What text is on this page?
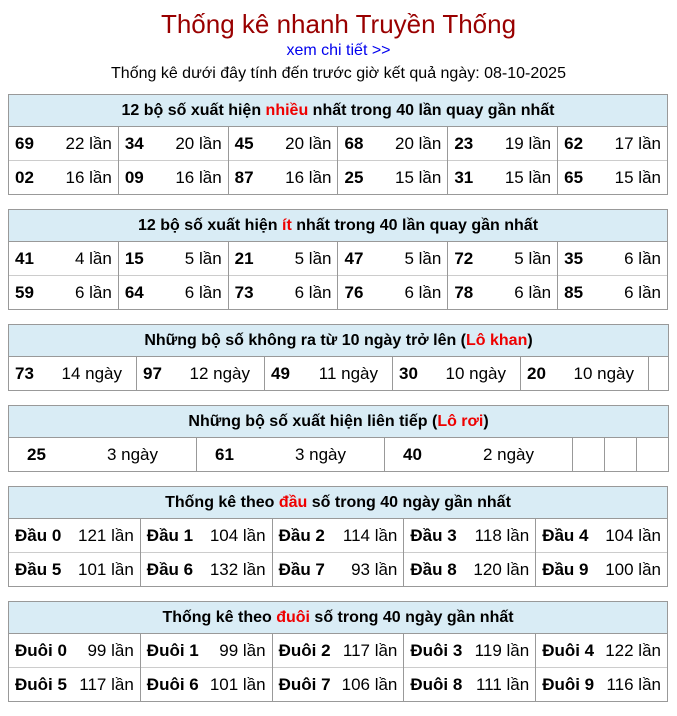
Thống kê nhanh Truyền Thống
xem chi tiết >>
Thống kê dưới đây tính đến trước giờ kết quả ngày: 08-10-2025
12 bộ số xuất hiện nhiều nhất trong 40 lần quay gần nhất					
69 22 lần	34 20 lần	45 20 lần	68 20 lần	23 19 lần	62 17 lần

02 16 lần	09 16 lần	87 16 lần	25 15 lần	31 15 lần	65 15 lần
12 bộ số xuất hiện ít nhất trong 40 lần quay gần nhất					
41 4 lần	15 5 lần	21 5 lần	47 5 lần	72 5 lần	35 6 lần

59 6 lần	64 6 lần	73 6 lần	76 6 lần	78 6 lần	85 6 lần
Những bộ số không ra từ 10 ngày trở lên (Lô khan)
73 14 ngày	97 12 ngày	49 11 ngày	30 10 ngày	20 10 ngày

Những bộ số xuất hiện liên tiếp (Lô rơi)
25	3 ngày	61	3 ngày	40	2 ngày

Thống kê theo đầu số trong 40 ngày gần nhất				
Đầu 0 121 lần	Đầu 1 104 lần	Đầu 2 114 lần	Đầu 3 118 lần	Đầu 4 104 lần

Đầu 5 101 lần	Đầu 6 132 lần	Đầu 7 93 lần	Đầu 8 120 lần	Đầu 9 100 lần
Thống kê theo đuôi số trong 40 ngày gần nhất				
Đuôi 0 99 lần	Đuôi 1 99 lần	Đuôi 2 117 lần	Đuôi 3 119 lần	Đuôi 4 122 lần

Đuôi 5 117 lần	Đuôi 6 101 lần	Đuôi 7 106 lần	Đuôi 8 111 lần	Đuôi 9 116 lần
